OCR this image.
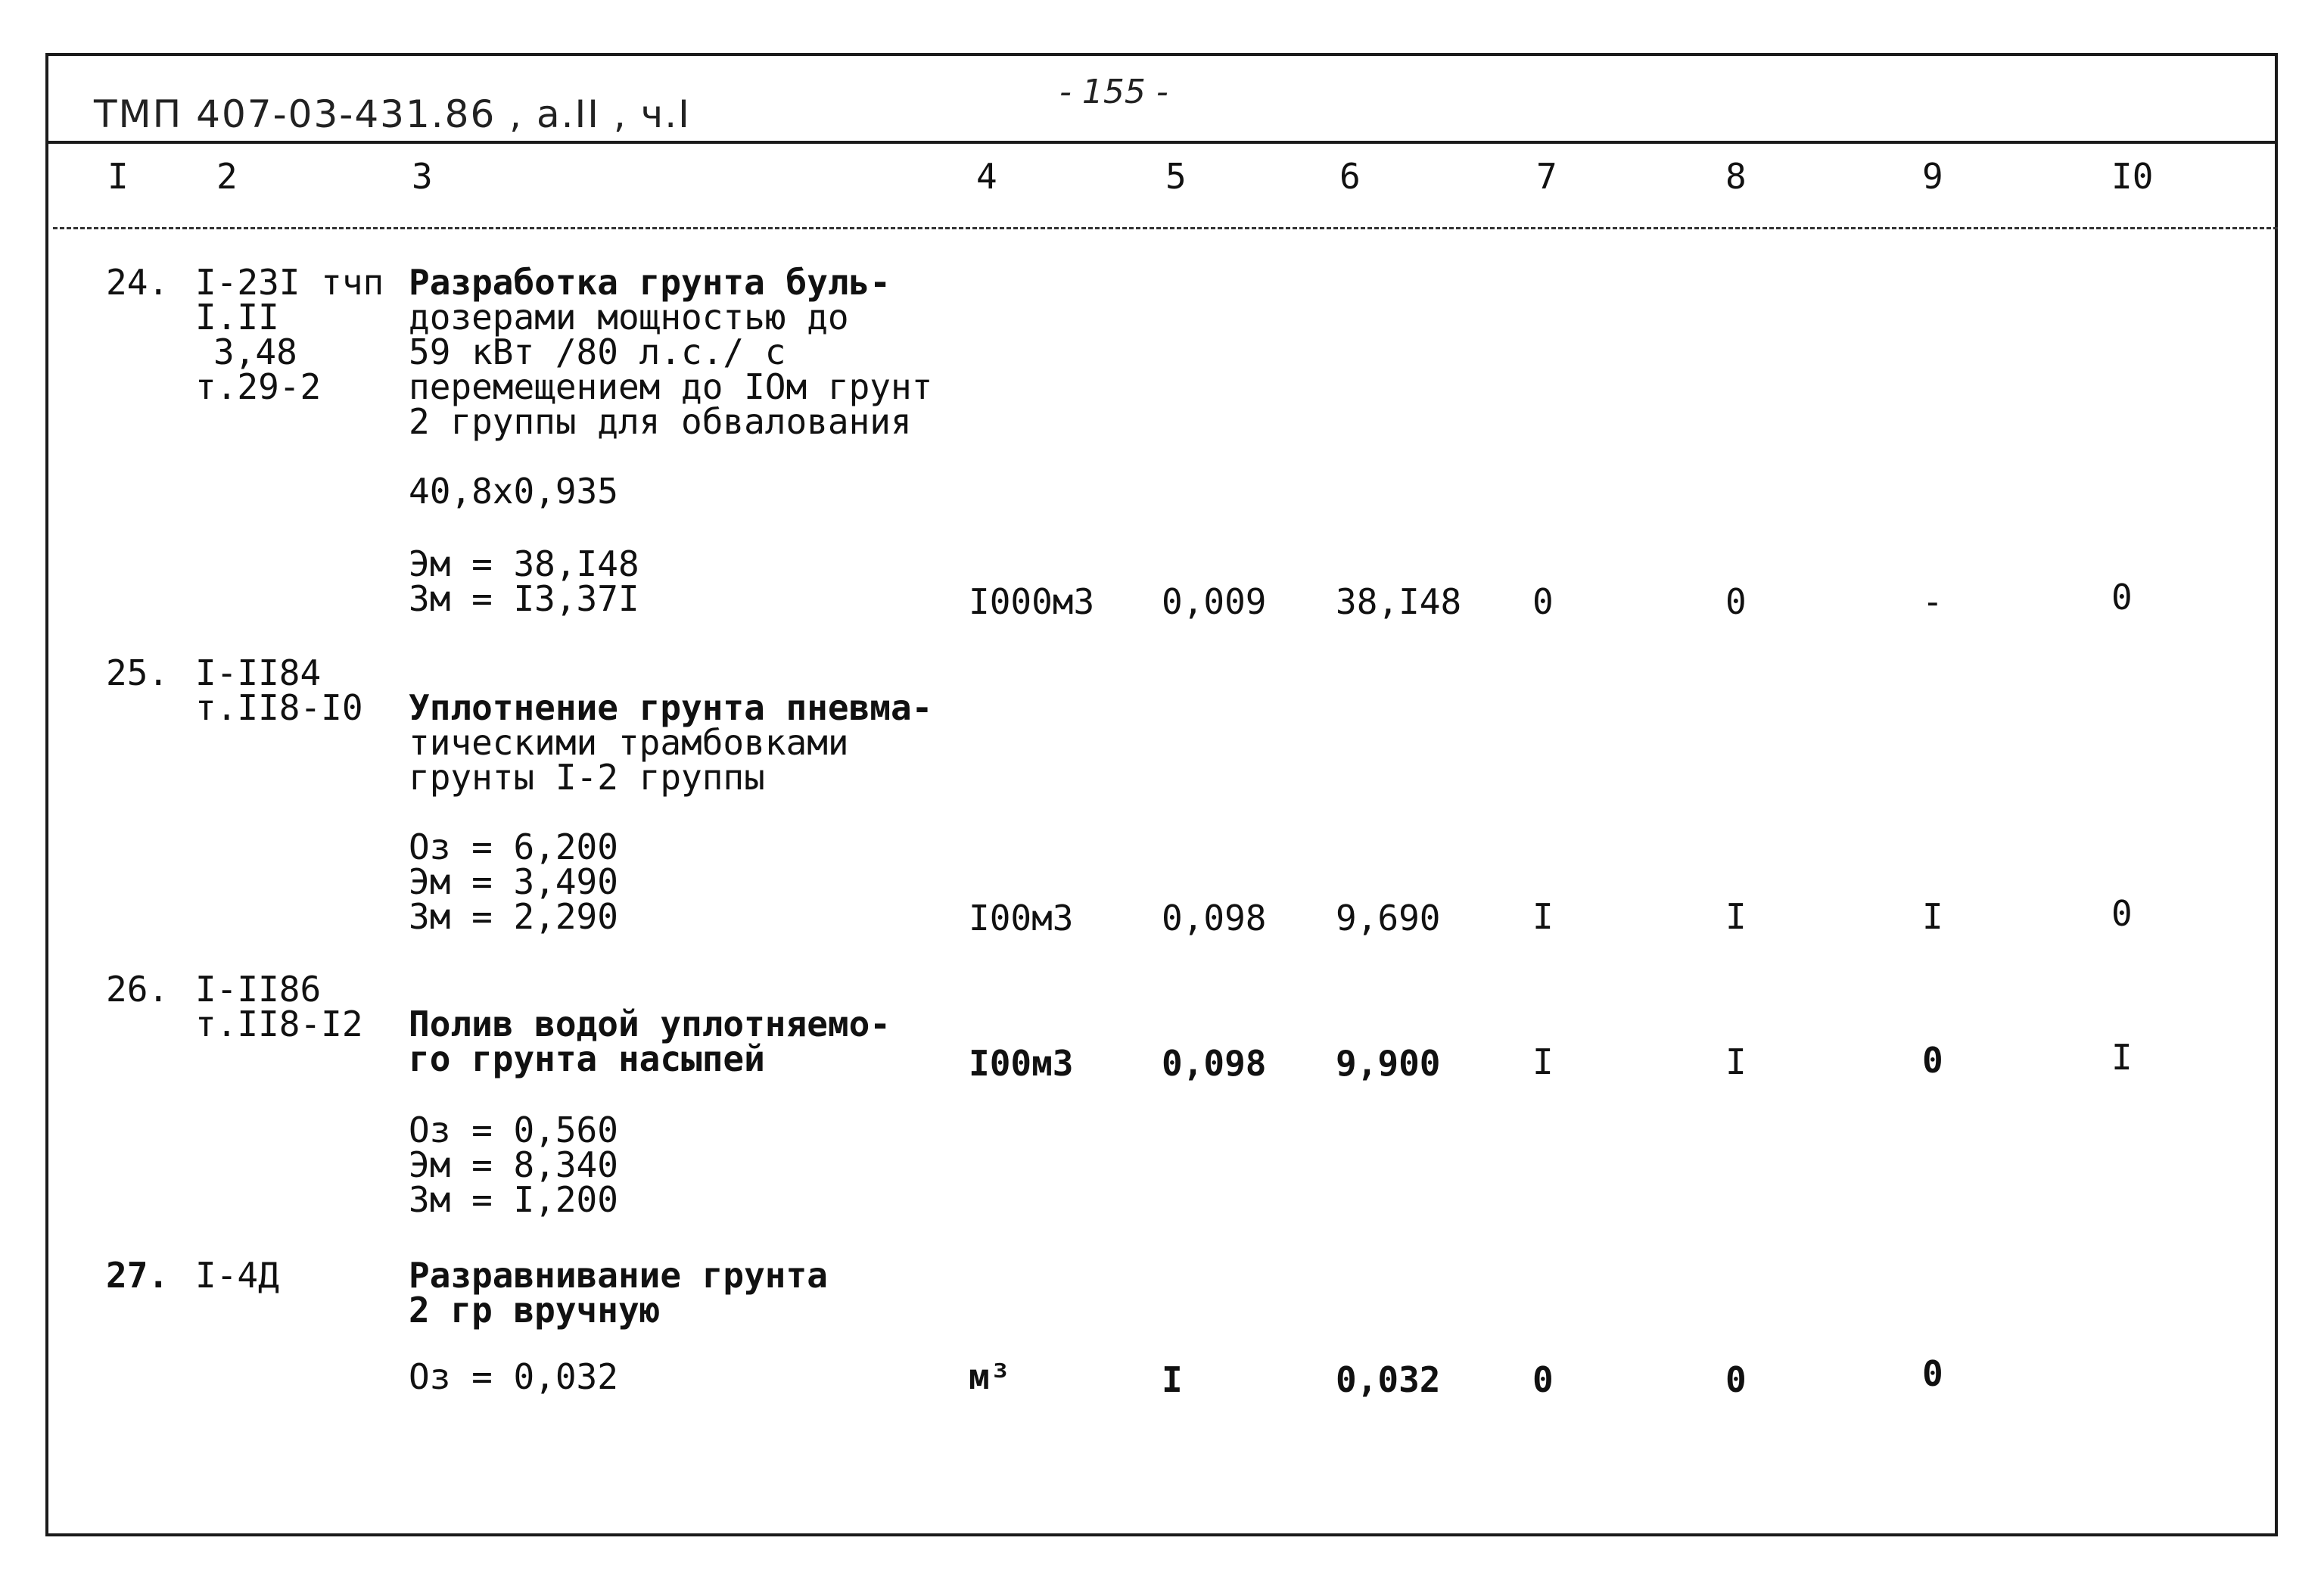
ТМП 407-03-431.86 , а.II , ч.I
- 155 -
I	2	3	4	5	6	7	8	9	I0
24. I-23I тчп
I.II
3,48
т.29-2
Разработка грунта буль-
дозерами мощностью до
59 кВт /80 л.с./ с
перемещением до IОм грунт
2 группы для обвалования
40,8x0,935
Эм = 38,I48
Зм = I3,37I	I000м3 0,009 38,I48 0	0	-	0
25. I-II84
т.II8-I0 Уплотнение грунта пневма-
тическими трамбовками
грунты I-2 группы
Оз = 6,200
Эм = 3,490
Зм = 2,290	I00м3	0,098 9,690	I	I	I	0
26. I-II86
т.II8-I2 Полив водой уплотняемо-
го грунта насыпей
Оз = 0,560
Эм = 8,340
Зм = I,200
I00м3	0,098 9,900	I	I	0	I
27. I-4Д	Разравнивание грунта
2 гр вручную
Оз = 0,032	м³	I	0,032	0	0	0
